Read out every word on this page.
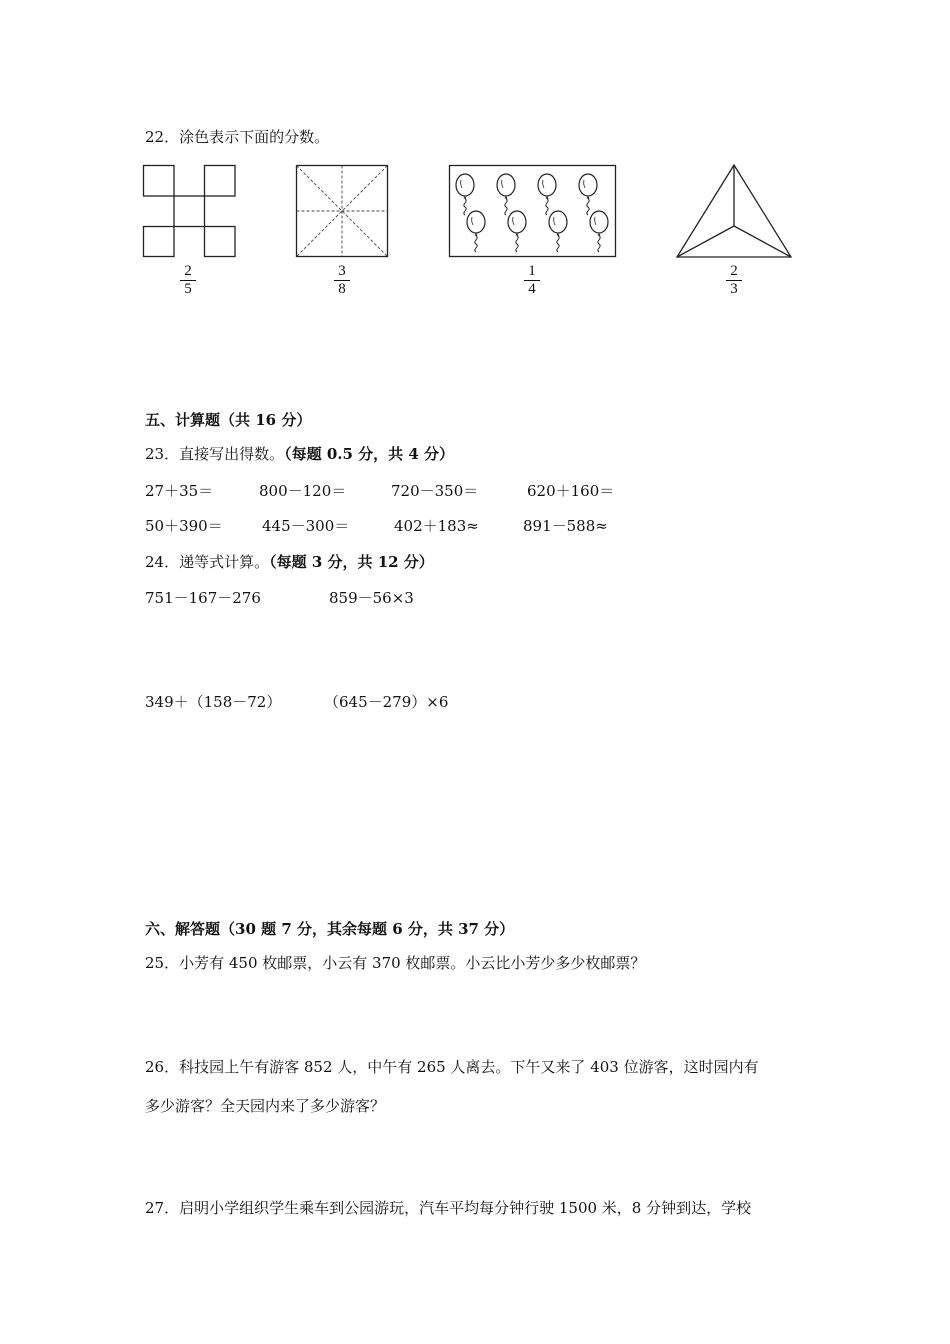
22．涂色表示下面的分数。
2
5
3
8
1
4
2
3
五、计算题（共 16 分）
23．直接写出得数。（每题 0.5 分，共 4 分）
27＋35＝	800－120＝	720－350＝	620＋160＝
50＋390＝	445－300＝	402＋183≈	891－588≈
24．递等式计算。（每题 3 分，共 12 分）
751－167－276	859－56×3
349＋（158－72）	（645－279）×6
六、解答题（30 题 7 分，其余每题 6 分，共 37 分）
25．小芳有 450 枚邮票，小云有 370 枚邮票。小云比小芳少多少枚邮票？
26．科技园上午有游客 852 人，中午有 265 人离去。下午又来了 403 位游客，这时园内有
多少游客？全天园内来了多少游客？
27．启明小学组织学生乘车到公园游玩，汽车平均每分钟行驶 1500 米，8 分钟到达，学校
